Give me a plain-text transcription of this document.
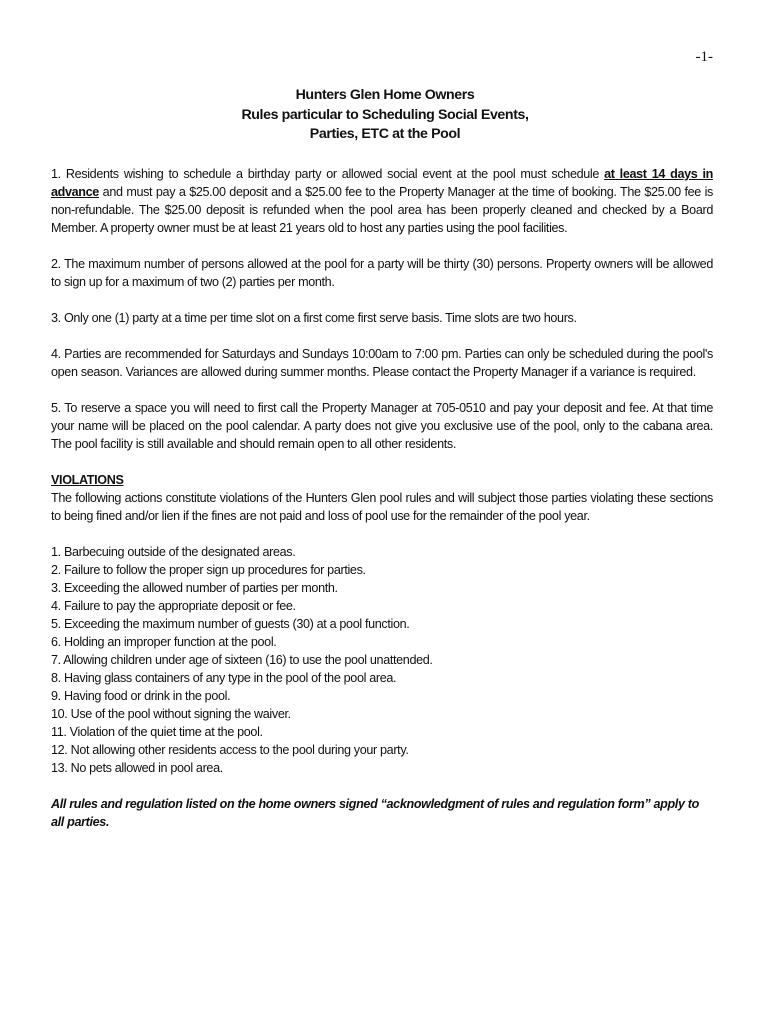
-1-
Hunters Glen Home Owners
Rules particular to Scheduling Social Events,
Parties, ETC at the Pool

1. Residents wishing to schedule a birthday party or allowed social event at the pool must schedule at least 14 days in advance and must pay a $25.00 deposit and a $25.00 fee to the Property Manager at the time of booking. The $25.00 fee is non-refundable. The $25.00 deposit is refunded when the pool area has been properly cleaned and checked by a Board Member. A property owner must be at least 21 years old to host any parties using the pool facilities.

2. The maximum number of persons allowed at the pool for a party will be thirty (30) persons. Property owners will be allowed to sign up for a maximum of two (2) parties per month.

3. Only one (1) party at a time per time slot on a first come first serve basis. Time slots are two hours.

4. Parties are recommended for Saturdays and Sundays 10:00am to 7:00 pm. Parties can only be scheduled during the pool's open season. Variances are allowed during summer months. Please contact the Property Manager if a variance is required.

5. To reserve a space you will need to first call the Property Manager at 705-0510 and pay your deposit and fee. At that time your name will be placed on the pool calendar. A party does not give you exclusive use of the pool, only to the cabana area. The pool facility is still available and should remain open to all other residents.

VIOLATIONS

The following actions constitute violations of the Hunters Glen pool rules and will subject those parties violating these sections to being fined and/or lien if the fines are not paid and loss of pool use for the remainder of the pool year.

1. Barbecuing outside of the designated areas.
2. Failure to follow the proper sign up procedures for parties.
3. Exceeding the allowed number of parties per month.
4. Failure to pay the appropriate deposit or fee.
5. Exceeding the maximum number of guests (30) at a pool function.
6. Holding an improper function at the pool.
7. Allowing children under age of sixteen (16) to use the pool unattended.
8. Having glass containers of any type in the pool of the pool area.
9. Having food or drink in the pool.
10. Use of the pool without signing the waiver.
11. Violation of the quiet time at the pool.
12. Not allowing other residents access to the pool during your party.
13. No pets allowed in pool area.

All rules and regulation listed on the home owners signed “acknowledgment of rules and regulation form” apply to all parties.
